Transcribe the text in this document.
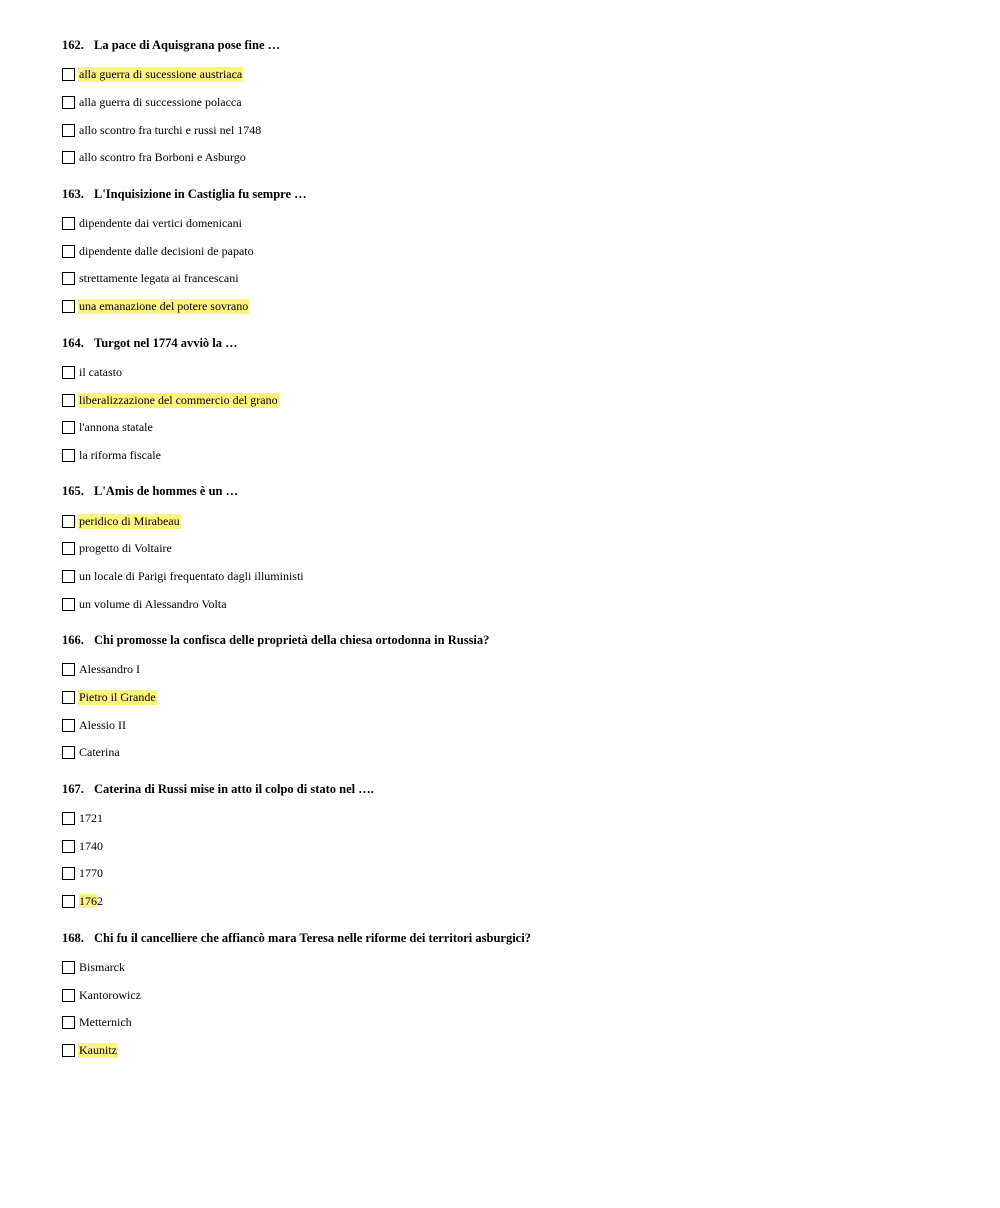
162. La pace di Aquisgrana pose fine …
alla guerra di sucessione austriaca
alla guerra di successione polacca
allo scontro fra turchi e russi nel 1748
allo scontro fra Borboni e Asburgo
163. L'Inquisizione in Castiglia fu sempre …
dipendente dai vertici domenicani
dipendente dalle decisioni de papato
strettamente legata ai francescani
una emanazione del potere sovrano
164. Turgot nel 1774 avviò la …
il catasto
liberalizzazione del commercio del grano
l'annona statale
la riforma fiscale
165. L'Amis de hommes è un …
peridico di Mirabeau
progetto di Voltaire
un locale di Parigi frequentato dagli illuministi
un volume di Alessandro Volta
166. Chi promosse la confisca delle proprietà della chiesa ortodonna in Russia?
Alessandro I
Pietro il Grande
Alessio II
Caterina
167. Caterina di Russi mise in atto il colpo di stato nel ….
1721
1740
1770
1762
168. Chi fu il cancelliere che affiancò mara Teresa nelle riforme dei territori asburgici?
Bismarck
Kantorowicz
Metternich
Kaunitz
